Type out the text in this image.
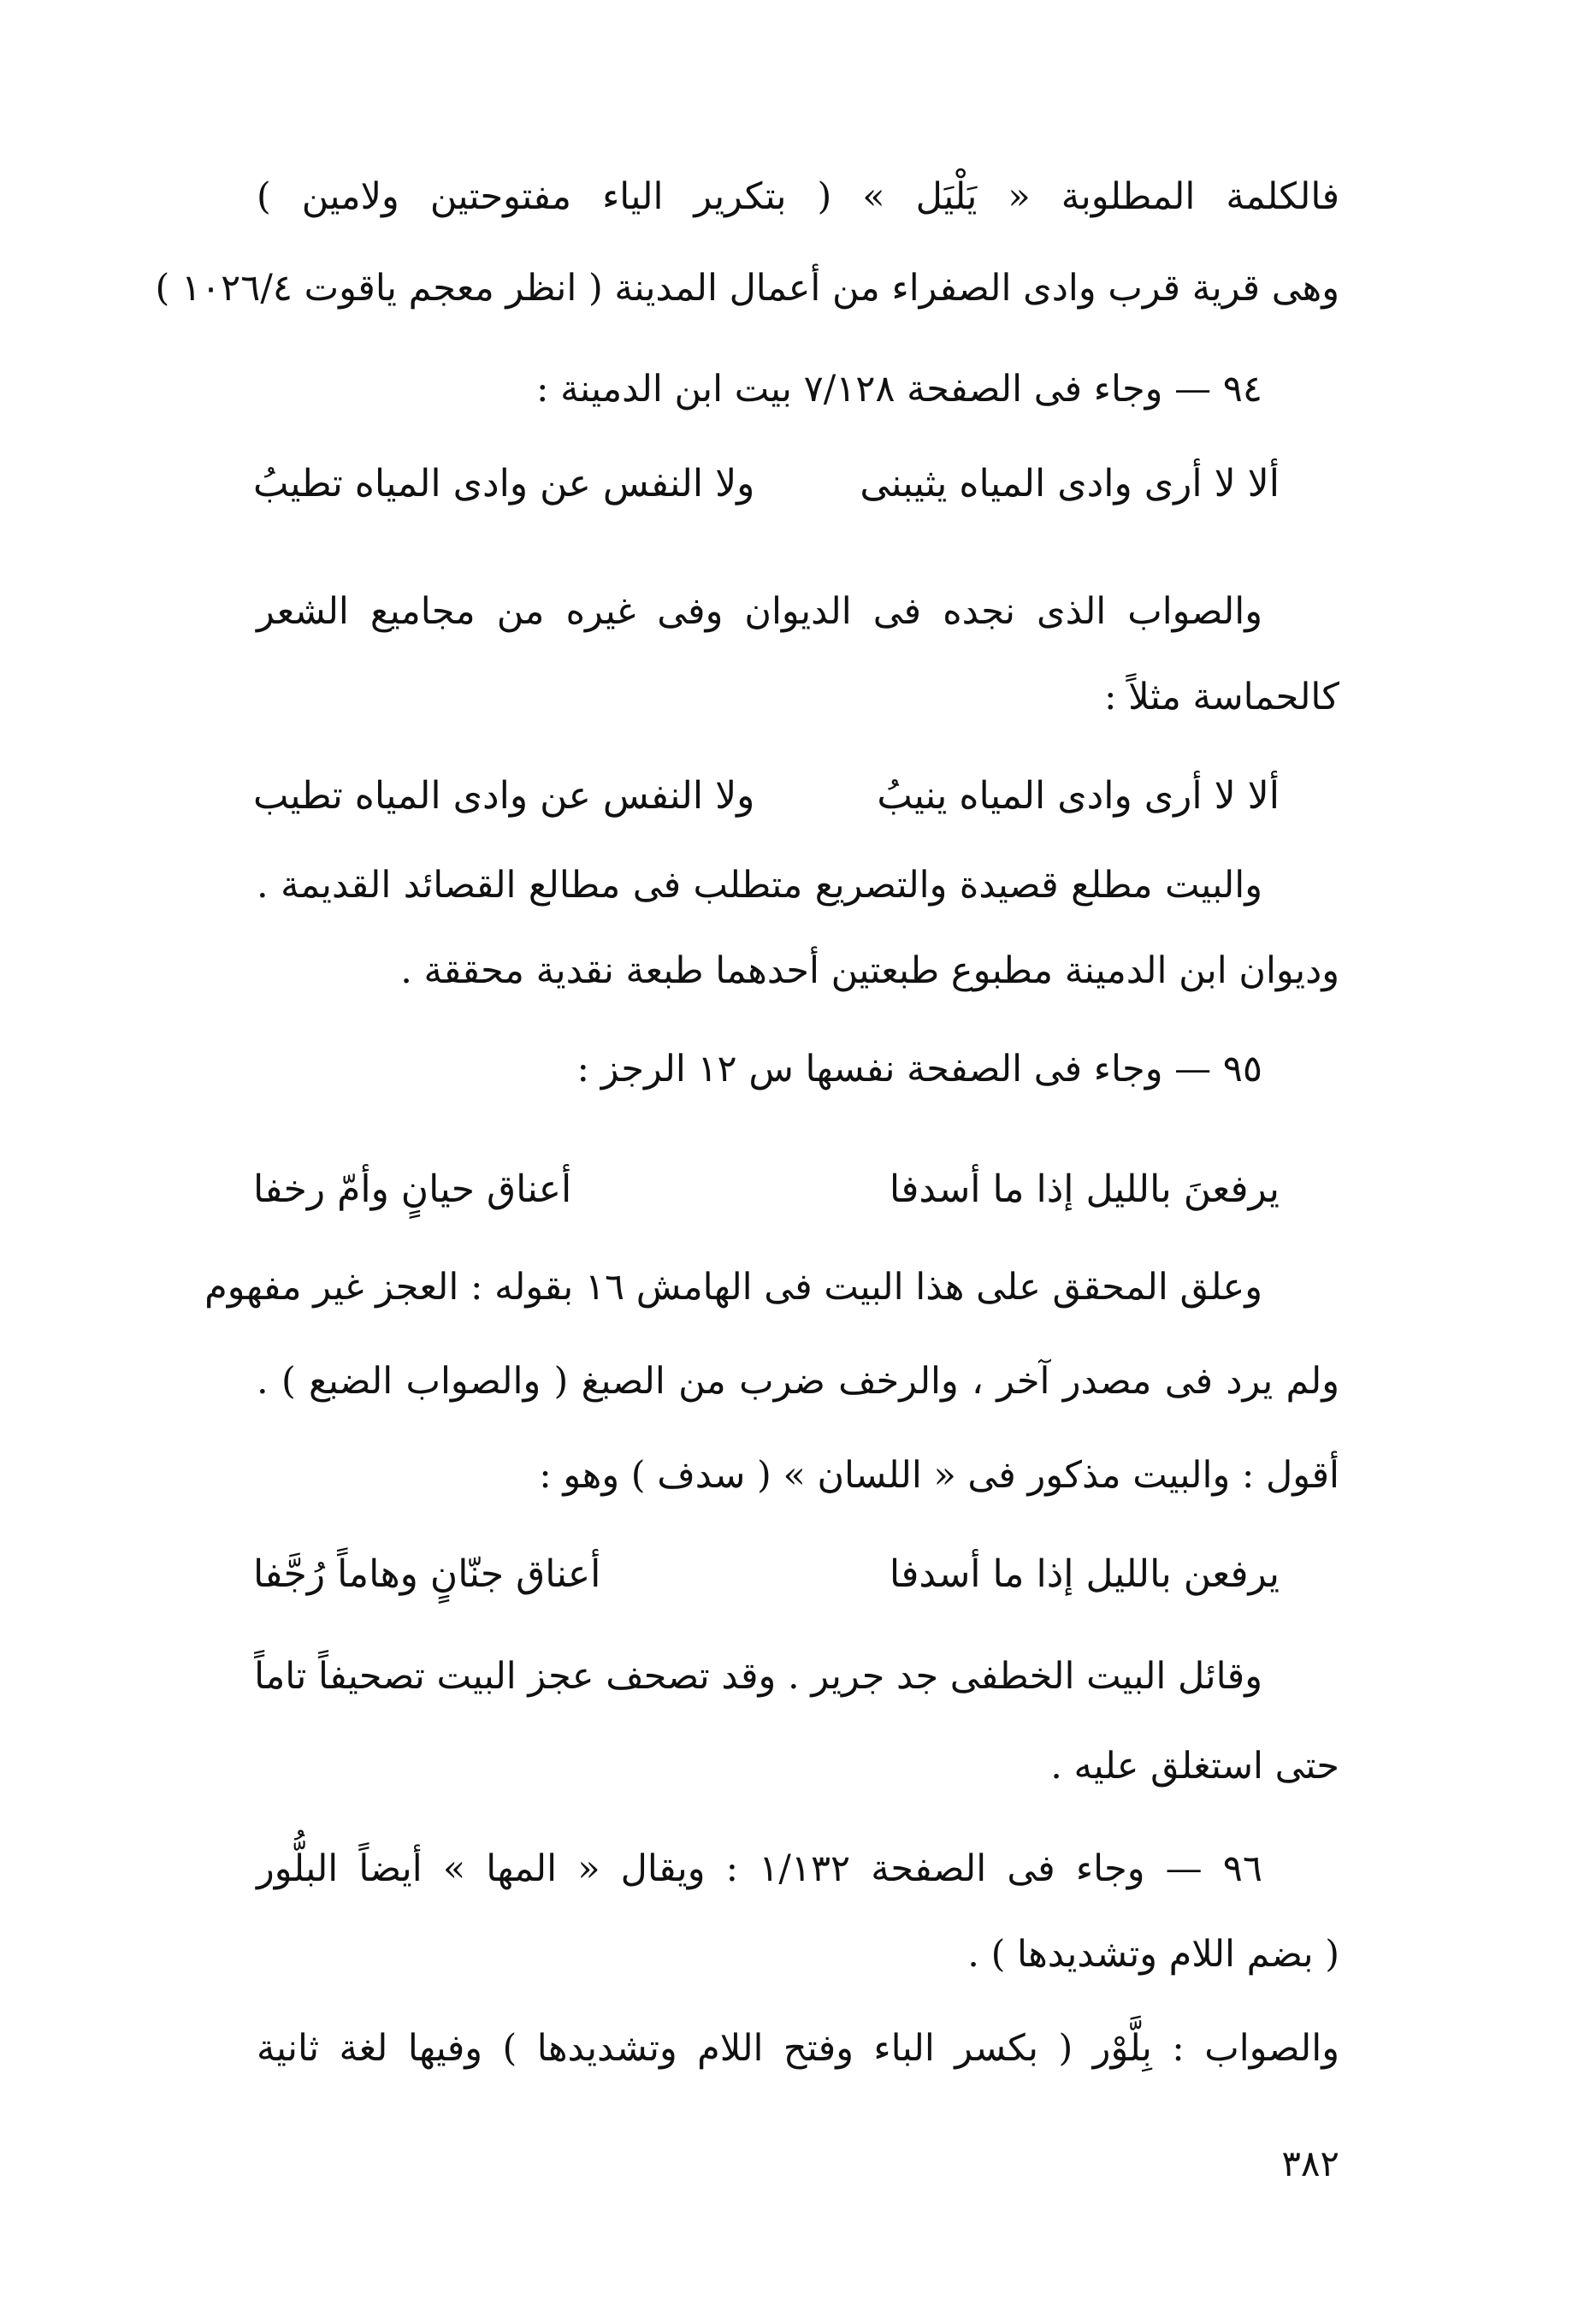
فالكلمة المطلوبة « يَلْيَل » ( بتكرير الياء مفتوحتين ولامين )

وهى قرية قرب وادى الصفراء من أعمال المدينة ( انظر معجم ياقوت ١٠٢٦/٤ )

٩٤ — وجاء فى الصفحة ٧/١٢٨ بيت ابن الدمينة :

ألا لا أرى وادى المياه يثيبنى
ولا النفس عن وادى المياه تطيبُ

والصواب الذى نجده فى الديوان وفى غيره من مجاميع الشعر

كالحماسة مثلاً :

ألا لا أرى وادى المياه ينيبُ
ولا النفس عن وادى المياه تطيب

والبيت مطلع قصيدة والتصريع متطلب فى مطالع القصائد القديمة .

وديوان ابن الدمينة مطبوع طبعتين أحدهما طبعة نقدية محققة .

٩٥ — وجاء فى الصفحة نفسها س ١٢ الرجز :

يرفعنَ بالليل إذا ما أسدفا
أعناق حيانٍ وأمّ رخفا

وعلق المحقق على هذا البيت فى الهامش ١٦ بقوله : العجز غير مفهوم

ولم يرد فى مصدر آخر ، والرخف ضرب من الصبغ ( والصواب الضبع ) .

أقول : والبيت مذكور فى « اللسان » ( سدف ) وهو :

يرفعن بالليل إذا ما أسدفا
أعناق جنّانٍ وهاماً رُجَّفا

وقائل البيت الخطفى جد جرير . وقد تصحف عجز البيت تصحيفاً تاماً

حتى استغلق عليه .

٩٦ — وجاء فى الصفحة ١/١٣٢ : ويقال « المها » أيضاً البلُّور

( بضم اللام وتشديدها ) .

والصواب : بِلَّوْر ( بكسر الباء وفتح اللام وتشديدها ) وفيها لغة ثانية

٣٨٢
